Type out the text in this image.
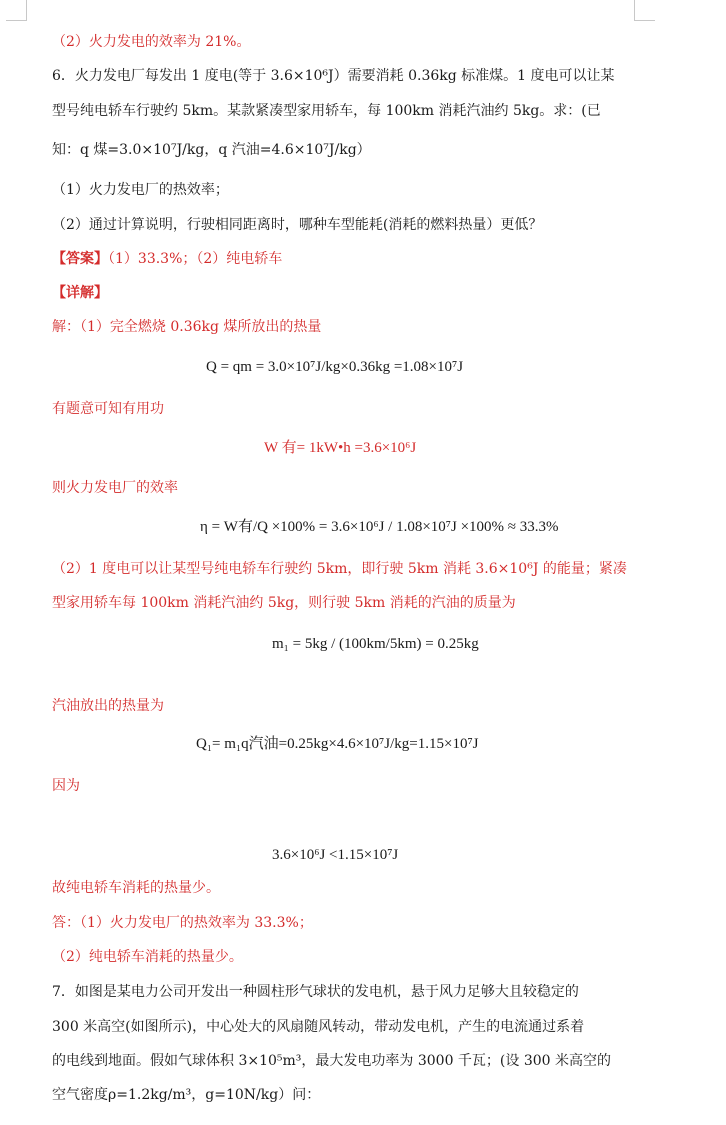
（2）火力发电的效率为 21%。
6．火力发电厂每发出 1 度电(等于 3.6×10⁶J）需要消耗 0.36kg 标准煤。1 度电可以让某
型号纯电轿车行驶约 5km。某款紧凑型家用轿车，每 100km 消耗汽油约 5kg。求：(已
知：q 煤=3.0×10⁷J/kg，q 汽油=4.6×10⁷J/kg）
（1）火力发电厂的热效率；
（2）通过计算说明，行驶相同距离时，哪种车型能耗(消耗的燃料热量）更低？
【答案】（1）33.3%；（2）纯电轿车
【详解】
解：（1）完全燃烧 0.36kg 煤所放出的热量
Q = qm = 3.0×10⁷J/kg×0.36kg =1.08×10⁷J
有题意可知有用功
W 有= 1kW•h =3.6×10⁶J
则火力发电厂的效率
η = W有/Q ×100% = 3.6×10⁶J / 1.08×10⁷J ×100% ≈ 33.3%
（2）1 度电可以让某型号纯电轿车行驶约 5km，即行驶 5km 消耗 3.6×10⁶J 的能量；紧凑
型家用轿车每 100km 消耗汽油约 5kg，则行驶 5km 消耗的汽油的质量为
m₁ = 5kg / (100km/5km) = 0.25kg
汽油放出的热量为
Q₁= m₁q汽油=0.25kg×4.6×10⁷J/kg=1.15×10⁷J
因为
3.6×10⁶J <1.15×10⁷J
故纯电轿车消耗的热量少。
答：（1）火力发电厂的热效率为 33.3%；
（2）纯电轿车消耗的热量少。
7．如图是某电力公司开发出一种圆柱形气球状的发电机，悬于风力足够大且较稳定的
300 米高空(如图所示)，中心处大的风扇随风转动，带动发电机，产生的电流通过系着
的电线到地面。假如气球体积 3×10⁵m³，最大发电功率为 3000 千瓦；(设 300 米高空的
空气密度ρ=1.2kg/m³，g=10N/kg）问：
